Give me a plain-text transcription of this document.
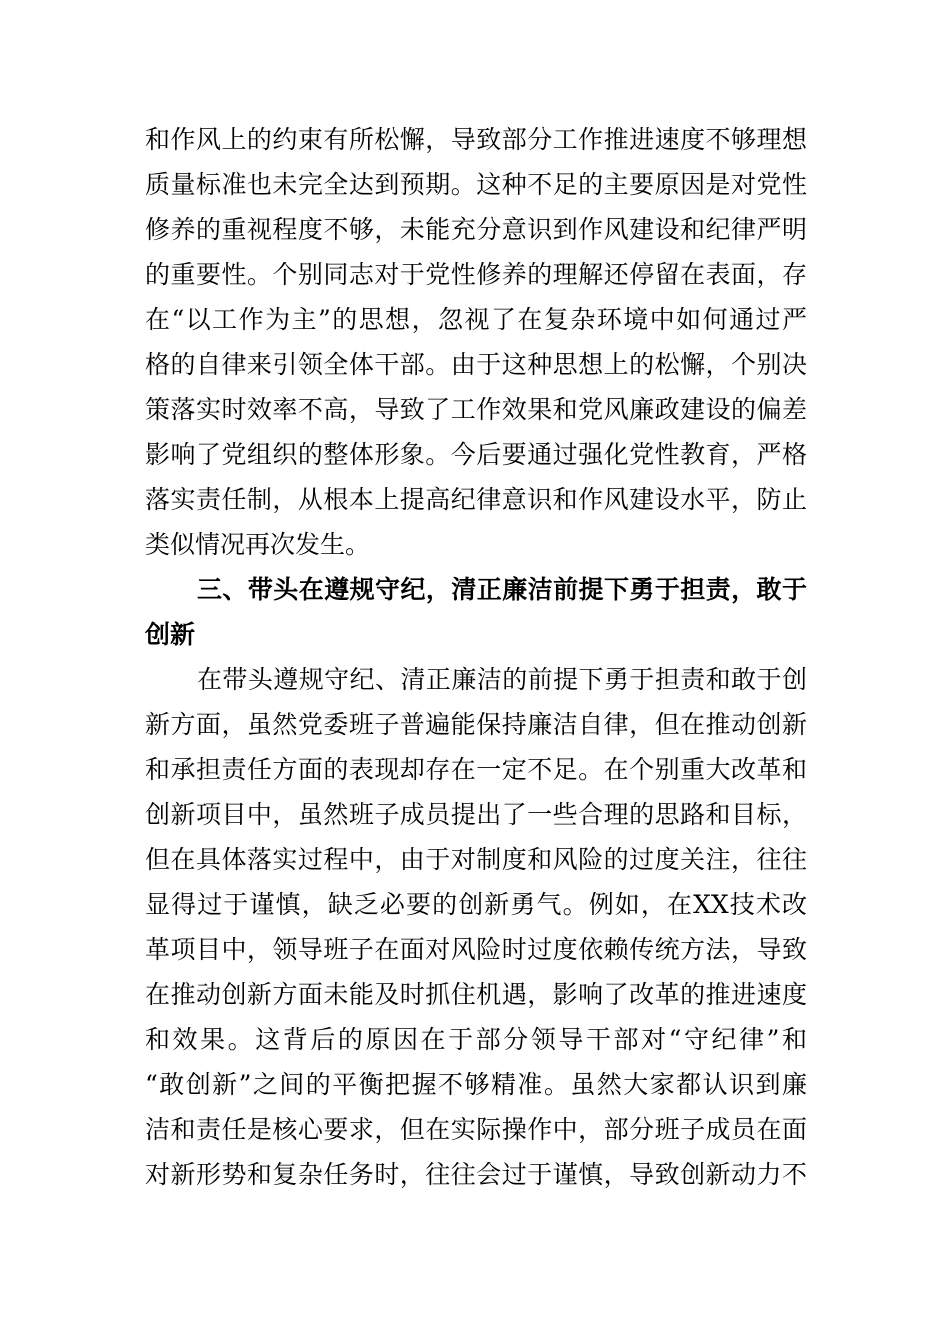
和作风上的约束有所松懈，导致部分工作推进速度不够理想
质量标准也未完全达到预期。这种不足的主要原因是对党性
修养的重视程度不够，未能充分意识到作风建设和纪律严明
的重要性。个别同志对于党性修养的理解还停留在表面，存
在“以工作为主”的思想，忽视了在复杂环境中如何通过严
格的自律来引领全体干部。由于这种思想上的松懈，个别决
策落实时效率不高，导致了工作效果和党风廉政建设的偏差
影响了党组织的整体形象。今后要通过强化党性教育，严格
落实责任制，从根本上提高纪律意识和作风建设水平，防止
类似情况再次发生。
三、带头在遵规守纪，清正廉洁前提下勇于担责，敢于
创新
在带头遵规守纪、清正廉洁的前提下勇于担责和敢于创
新方面，虽然党委班子普遍能保持廉洁自律，但在推动创新
和承担责任方面的表现却存在一定不足。在个别重大改革和
创新项目中，虽然班子成员提出了一些合理的思路和目标，
但在具体落实过程中，由于对制度和风险的过度关注，往往
显得过于谨慎，缺乏必要的创新勇气。例如，在XX技术改
革项目中，领导班子在面对风险时过度依赖传统方法，导致
在推动创新方面未能及时抓住机遇，影响了改革的推进速度
和效果。这背后的原因在于部分领导干部对“守纪律”和
“敢创新”之间的平衡把握不够精准。虽然大家都认识到廉
洁和责任是核心要求，但在实际操作中，部分班子成员在面
对新形势和复杂任务时，往往会过于谨慎，导致创新动力不
